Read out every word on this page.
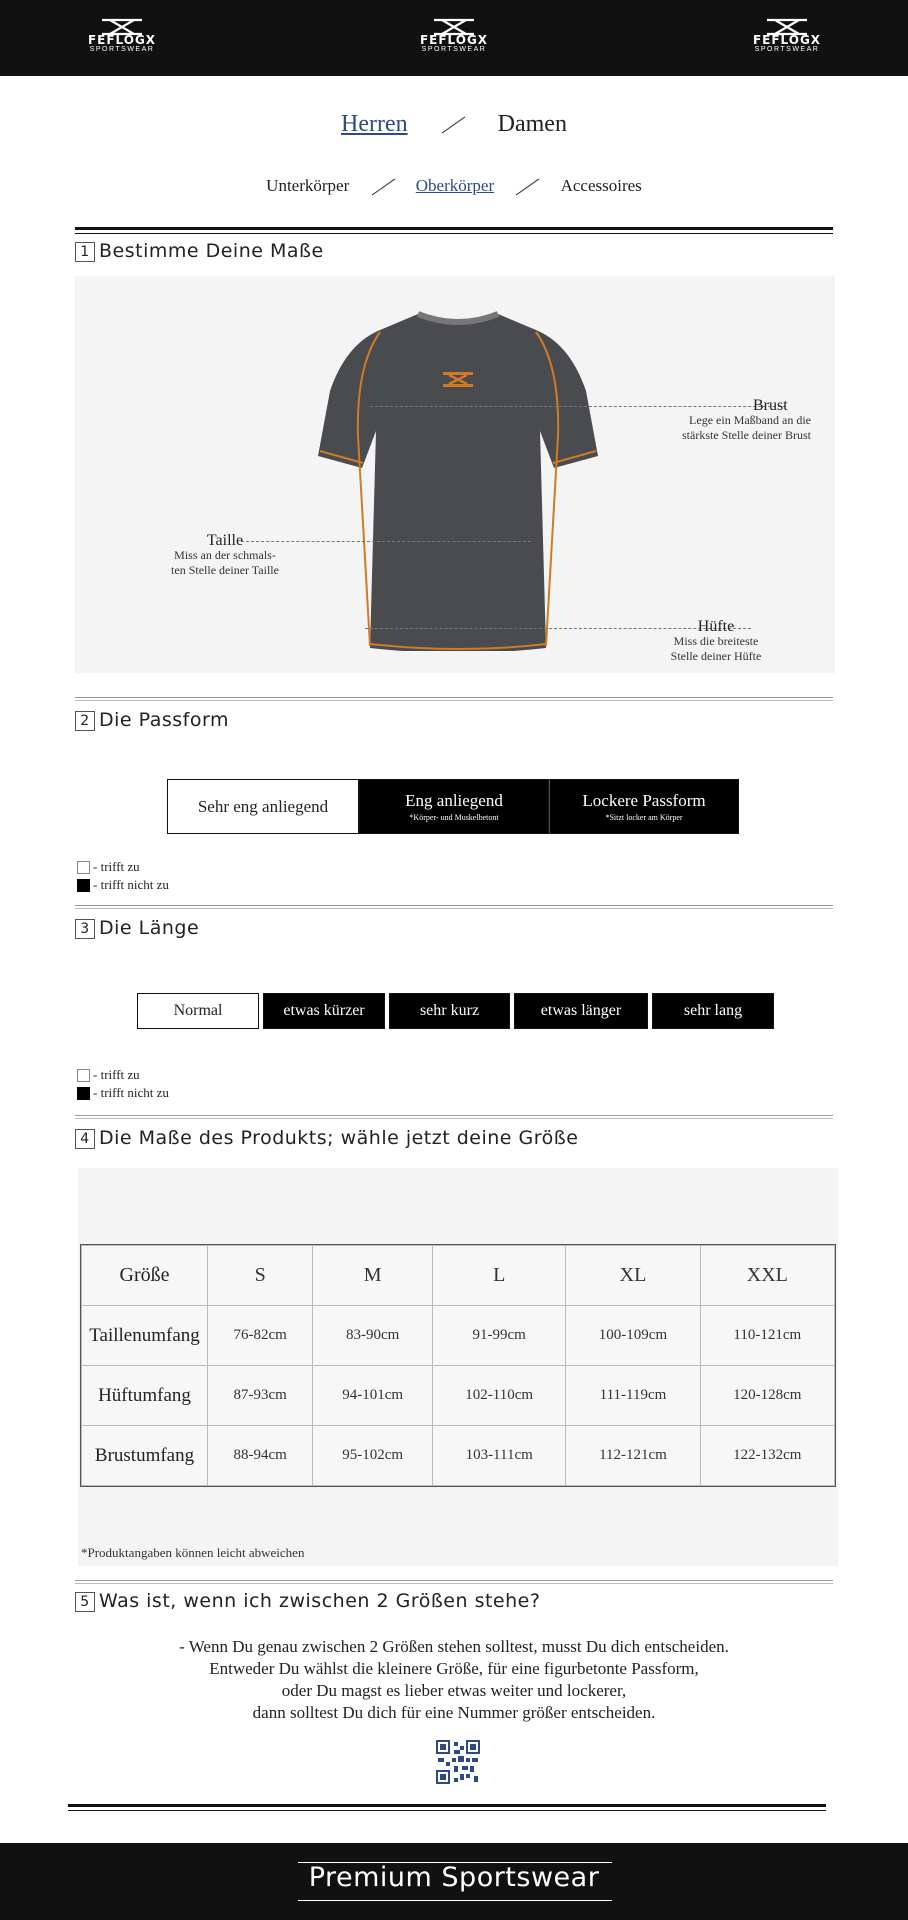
FEFLOGX
SPORTSWEAR
FEFLOGX
SPORTSWEAR
FEFLOGX
SPORTSWEAR
Herren	Damen
Unterkörper	Oberkörper	Accessoires
1 Bestimme Deine Maße
Brust
Lege ein Maßband an die
stärkste Stelle deiner Brust
Taille
Miss an der schmals-
ten Stelle deiner Taille
Hüfte
Miss die breiteste
Stelle deiner Hüfte
2 Die Passform
Sehr eng anliegend	Eng anliegend
*Körper- und Muskelbetont
Lockere Passform
*Sitzt locker am Körper
- trifft zu
- trifft nicht zu
3 Die Länge
Normal	etwas kürzer	sehr kurz	etwas länger	sehr lang
- trifft zu
- trifft nicht zu
4 Die Maße des Produkts; wähle jetzt deine Größe
Größe	S	M	L	XL	XXL
Taillenumfang	76-82cm	83-90cm	91-99cm	100-109cm	110-121cm
Hüftumfang	87-93cm	94-101cm	102-110cm	111-119cm	120-128cm
Brustumfang	88-94cm	95-102cm	103-111cm	112-121cm	122-132cm
*Produktangaben können leicht abweichen
5 Was ist, wenn ich zwischen 2 Größen stehe?
- Wenn Du genau zwischen 2 Größen stehen solltest, musst Du dich entscheiden.
Entweder Du wählst die kleinere Größe, für eine figurbetonte Passform,
oder Du magst es lieber etwas weiter und lockerer,
dann solltest Du dich für eine Nummer größer entscheiden.
Premium Sportswear
